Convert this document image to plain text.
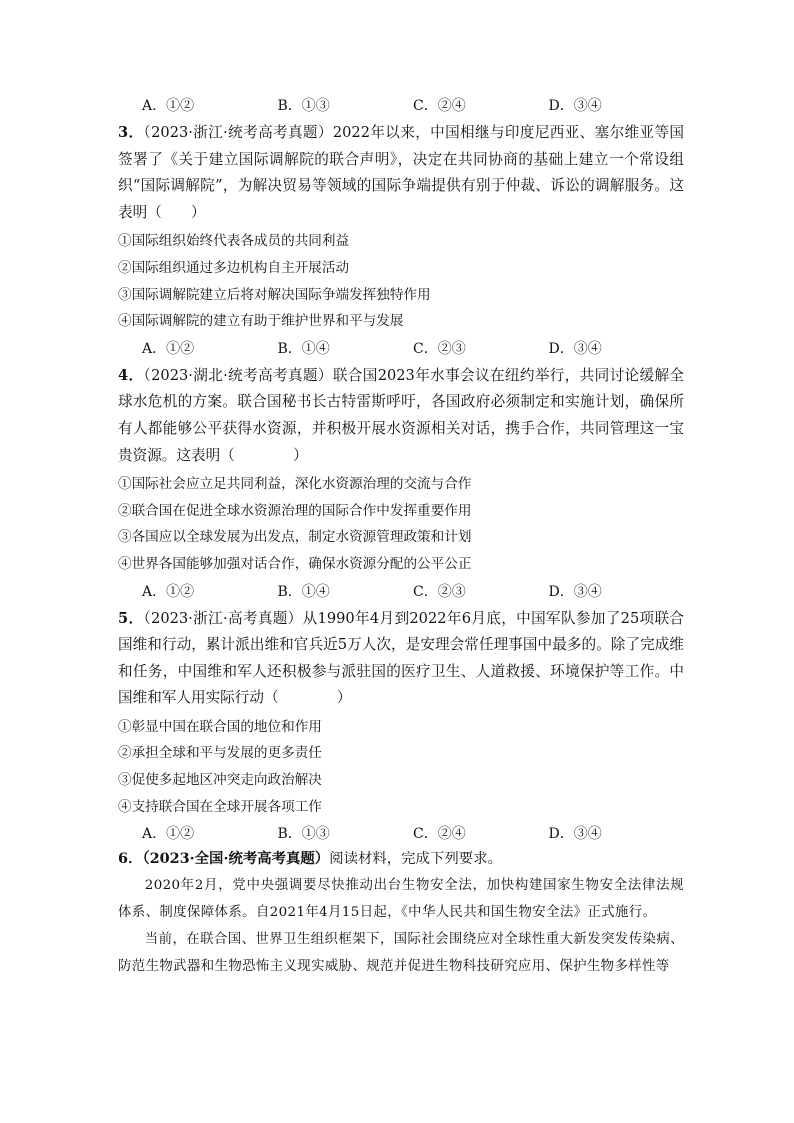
A．①②	B．①③	C．②④	D．③④
3．（2023·浙江·统考高考真题）2022年以来，中国相继与印度尼西亚、塞尔维亚等国签署了《关于建立国际调解院的联合声明》，决定在共同协商的基础上建立一个常设组织“国际调解院”，为解决贸易等领域的国际争端提供有别于仲裁、诉讼的调解服务。这表明（　　）
①国际组织始终代表各成员的共同利益
②国际组织通过多边机构自主开展活动
③国际调解院建立后将对解决国际争端发挥独特作用
④国际调解院的建立有助于维护世界和平与发展
A．①②	B．①④	C．②③	D．③④
4．（2023·湖北·统考高考真题）联合国2023年水事会议在纽约举行，共同讨论缓解全球水危机的方案。联合国秘书长古特雷斯呼吁，各国政府必须制定和实施计划，确保所有人都能够公平获得水资源，并积极开展水资源相关对话，携手合作，共同管理这一宝贵资源。这表明（　　　　）
①国际社会应立足共同利益，深化水资源治理的交流与合作
②联合国在促进全球水资源治理的国际合作中发挥重要作用
③各国应以全球发展为出发点，制定水资源管理政策和计划
④世界各国能够加强对话合作，确保水资源分配的公平公正
A．①②	B．①④	C．②③	D．③④
5．（2023·浙江·高考真题）从1990年4月到2022年6月底，中国军队参加了25项联合国维和行动，累计派出维和官兵近5万人次，是安理会常任理事国中最多的。除了完成维和任务，中国维和军人还积极参与派驻国的医疗卫生、人道救援、环境保护等工作。中国维和军人用实际行动（　　　　）
①彰显中国在联合国的地位和作用
②承担全球和平与发展的更多责任
③促使多起地区冲突走向政治解决
④支持联合国在全球开展各项工作
A．①②	B．①③	C．②④	D．③④
6．（2023·全国·统考高考真题）阅读材料，完成下列要求。
2020年2月，党中央强调要尽快推动出台生物安全法，加快构建国家生物安全法律法规体系、制度保障体系。自2021年4月15日起，《中华人民共和国生物安全法》正式施行。
当前，在联合国、世界卫生组织框架下，国际社会围绕应对全球性重大新发突发传染病、防范生物武器和生物恐怖主义现实威胁、规范并促进生物科技研究应用、保护生物多样性等
